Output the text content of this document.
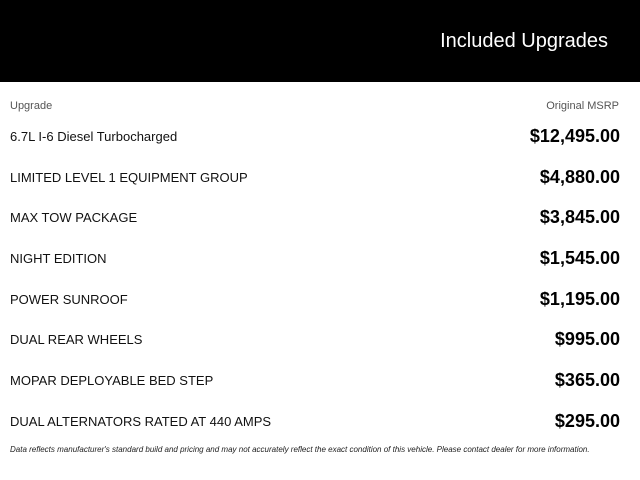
Included Upgrades
Upgrade	Original MSRP
6.7L I-6 Diesel Turbocharged	$12,495.00
LIMITED LEVEL 1 EQUIPMENT GROUP	$4,880.00
MAX TOW PACKAGE	$3,845.00
NIGHT EDITION	$1,545.00
POWER SUNROOF	$1,195.00
DUAL REAR WHEELS	$995.00
MOPAR DEPLOYABLE BED STEP	$365.00
DUAL ALTERNATORS RATED AT 440 AMPS	$295.00
Data reflects manufacturer's standard build and pricing and may not accurately reflect the exact condition of this vehicle. Please contact dealer for more information.
